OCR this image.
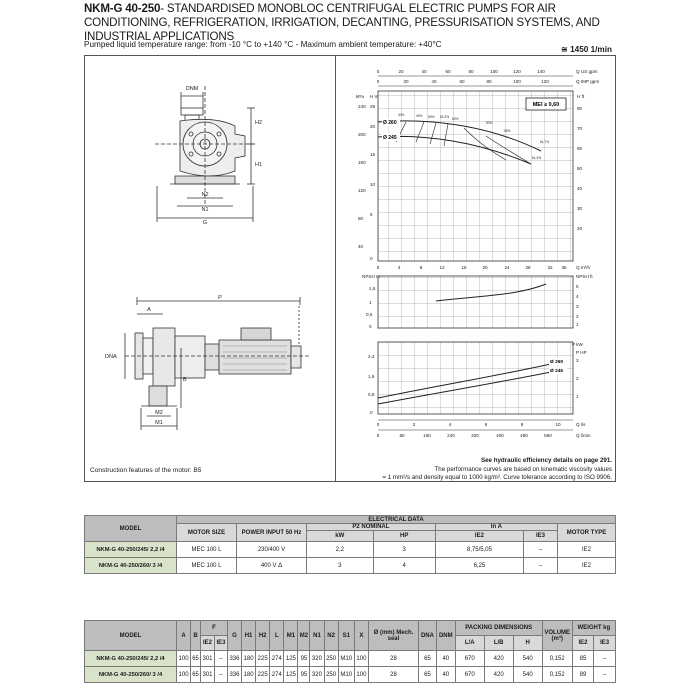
NKM-G 40-250- STANDARDISED MONOBLOC CENTRIFUGAL ELECTRIC PUMPS FOR AIR CONDITIONING, REFRIGERATION, IRRIGATION, DECANTING, PRESSURISATION SYSTEMS, AND INDUSTRIAL APPLICATIONS
Pumped liquid temperature range: from -10 °C to +140 °C - Maximum ambient temperature: +40°C
≅ 1450 1/min
DNM
H2
H1
N2
N1
G
P
A
DNA
B
M2
M1
Construction features of the motor: B5
0	20	40	60	80	100	120	140	Q US gpm
0	20	40	60	80	100	120	Q IMP gpm
kPa
240
200
160
120
80
40
H m
25
20
15
10
5
0
H ft
80
70
60
50
40
30
20
Ø 260
Ø 245
MEI ≥ 0,60
30%	40% 50% 52,3% 60%
61,7%
61,3%
55%
50%
0	4	8	12	16	20	24	28	32 36 Q m³/h
NPSH m
1,5
1
0,5
0
NPSH ft
5
4
3
2
1
P kW
2,4
1,6
0,8
0
P HP
3
2
1
Ø 260
Ø 245
0	2	4	6	8	10	Q l/s
0	80	160	240	320	400	480	560	Q l/min
See hydraulic efficiency details on page 291.
The performance curves are based on kinematic viscosity values
= 1 mm²/s and density equal to 1000 kg/m³. Curve tolerance according to ISO 9906.
MODEL	ELECTRICAL DATA						
	MOTOR SIZE	POWER INPUT 50 Hz	P2 NOMINAL		In A		MOTOR TYPE
			kW	HP	IE2	IE3	
NKM-G 40-250/245/ 2,2 /4	MEC 100 L	230/400 V	2,2	3	8,75/5,05	–	IE2
NKM-G 40-250/260/ 3 /4	MEC 100 L	400 V Δ	3	4	6,25	–	IE2
MODEL	A	B	F		G	H1	H2	L	M1	M2	N1	N2	S1	X	Ø (mm) Mech. seal	DNA	DNM	PACKING DIMENSIONS			VOLUME (m³)	WEIGHT kg	
			IE2	IE3														L/A	L/B	H		IE2	IE3
NKM-G 40-250/245/ 2,2 /4	100	65	301	–	336	180	225	274	125	95	320	250	M10	100	28	65	40	670	420	540	0,152	85	–
NKM-G 40-250/260/ 3 /4	100	65	301	–	336	180	225	274	125	95	320	250	M10	100	28	65	40	670	420	540	0,152	89	–
